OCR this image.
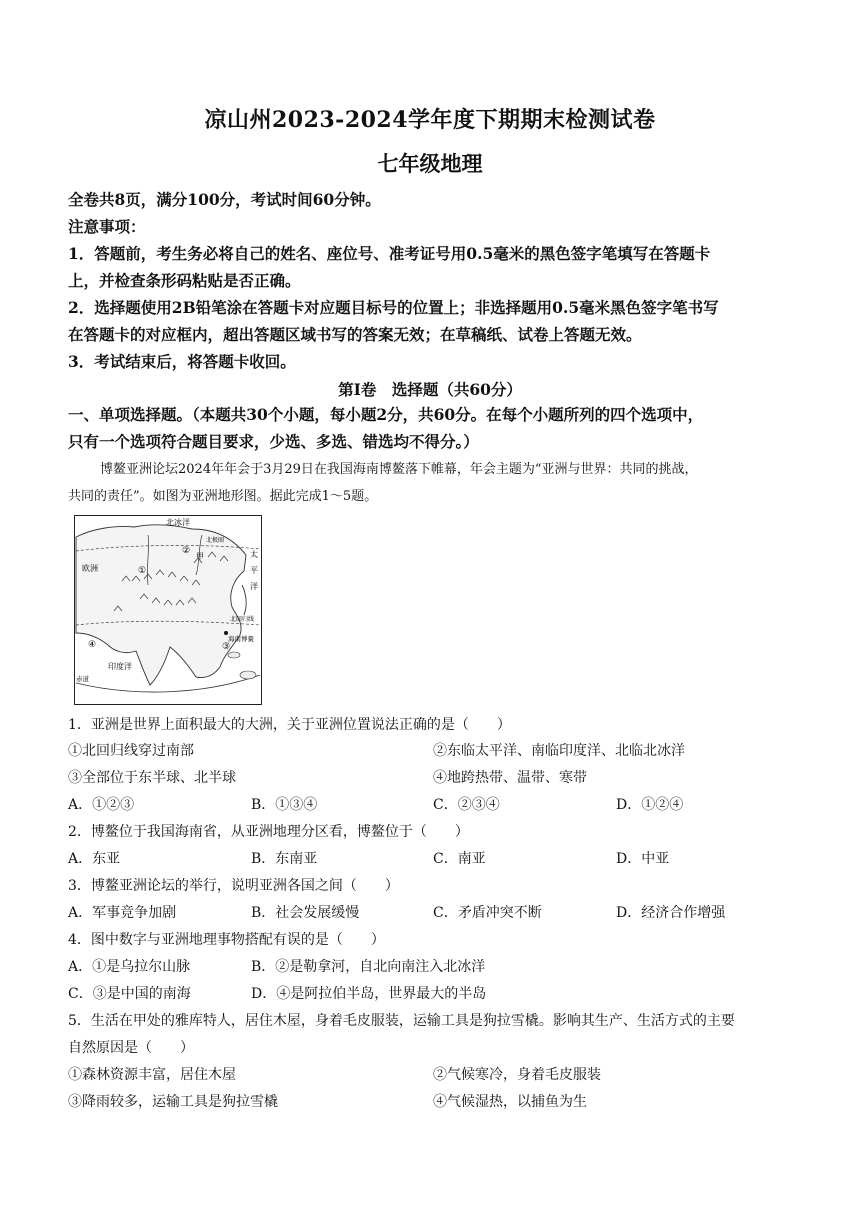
凉山州2023-2024学年度下期期末检测试卷
七年级地理
全卷共8页，满分100分，考试时间60分钟。
注意事项：
1．答题前，考生务必将自己的姓名、座位号、准考证号用0.5毫米的黑色签字笔填写在答题卡
上，并检查条形码粘贴是否正确。
2．选择题使用2B铅笔涂在答题卡对应题目标号的位置上；非选择题用0.5毫米黑色签字笔书写
在答题卡的对应框内，超出答题区域书写的答案无效；在草稿纸、试卷上答题无效。
3．考试结束后，将答题卡收回。
第Ⅰ卷　选择题（共60分）
一、单项选择题。（本题共30个小题，每小题2分，共60分。在每个小题所列的四个选项中，
只有一个选项符合题目要求，少选、多选、错选均不得分。）
博鳌亚洲论坛2024年年会于3月29日在我国海南博鳌落下帷幕，年会主题为“亚洲与世界：共同的挑战，
共同的责任”。如图为亚洲地形图。据此完成1～5题。
北冰洋
北极圈
甲
欧洲
太
平
洋
北回归线
海南博鳌
印度洋
赤道
①
②
③
④
1．亚洲是世界上面积最大的大洲，关于亚洲位置说法正确的是（　　）
①北回归线穿过南部	②东临太平洋、南临印度洋、北临北冰洋
③全部位于东半球、北半球	④地跨热带、温带、寒带
A．①②③	B．①③④	C．②③④	D．①②④
2．博鳌位于我国海南省，从亚洲地理分区看，博鳌位于（　　）
A．东亚	B．东南亚	C．南亚	D．中亚
3．博鳌亚洲论坛的举行，说明亚洲各国之间（　　）
A．军事竞争加剧	B．社会发展缓慢	C．矛盾冲突不断	D．经济合作增强
4．图中数字与亚洲地理事物搭配有误的是（　　）
A．①是乌拉尔山脉	B．②是勒拿河，自北向南注入北冰洋
C．③是中国的南海	D．④是阿拉伯半岛，世界最大的半岛
5．生活在甲处的雅库特人，居住木屋，身着毛皮服装，运输工具是狗拉雪橇。影响其生产、生活方式的主要
自然原因是（　　）
①森林资源丰富，居住木屋	②气候寒冷，身着毛皮服装
③降雨较多，运输工具是狗拉雪橇	④气候湿热，以捕鱼为生
